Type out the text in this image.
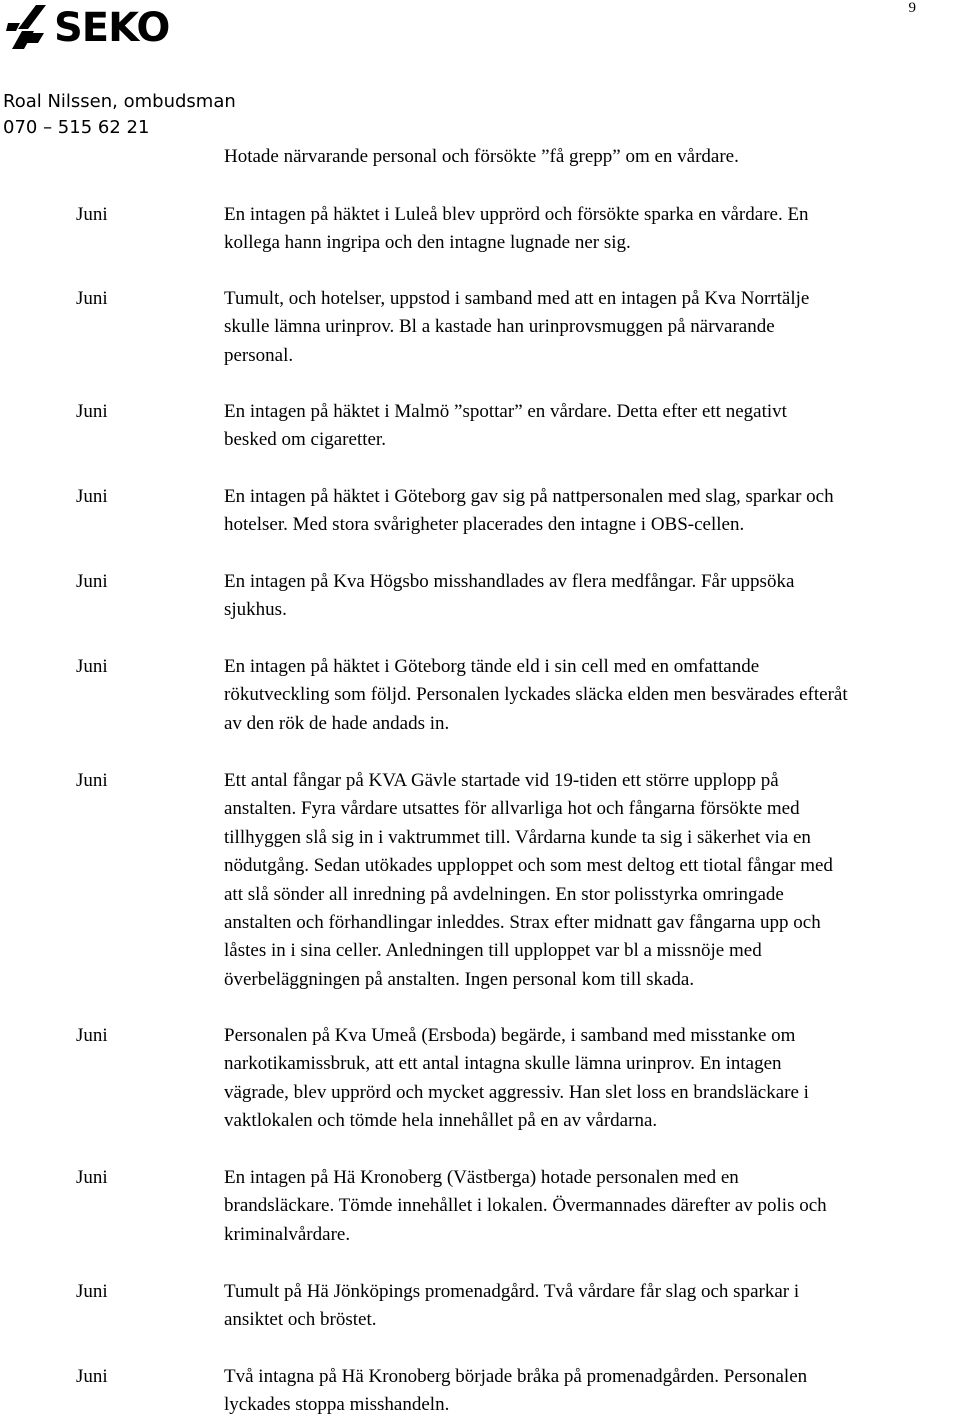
SEKO	9
Roal Nilssen, ombudsman
070 – 515 62 21
Hotade närvarande personal och försökte ”få grepp” om en vårdare.
Juni	En intagen på häktet i Luleå blev upprörd och försökte sparka en vårdare. En
kollega hann ingripa och den intagne lugnade ner sig.
Juni	Tumult, och hotelser, uppstod i samband med att en intagen på Kva Norrtälje
skulle lämna urinprov. Bl a kastade han urinprovsmuggen på närvarande
personal.
Juni	En intagen på häktet i Malmö ”spottar” en vårdare. Detta efter ett negativt
besked om cigaretter.
Juni	En intagen på häktet i Göteborg gav sig på nattpersonalen med slag, sparkar och
hotelser. Med stora svårigheter placerades den intagne i OBS-cellen.
Juni	En intagen på Kva Högsbo misshandlades av flera medfångar. Får uppsöka
sjukhus.
Juni	En intagen på häktet i Göteborg tände eld i sin cell med en omfattande
rökutveckling som följd. Personalen lyckades släcka elden men besvärades efteråt
av den rök de hade andads in.
Juni	Ett antal fångar på KVA Gävle startade vid 19-tiden ett större upplopp på
anstalten. Fyra vårdare utsattes för allvarliga hot och fångarna försökte med
tillhyggen slå sig in i vaktrummet till. Vårdarna kunde ta sig i säkerhet via en
nödutgång. Sedan utökades upploppet och som mest deltog ett tiotal fångar med
att slå sönder all inredning på avdelningen. En stor polisstyrka omringade
anstalten och förhandlingar inleddes. Strax efter midnatt gav fångarna upp och
låstes in i sina celler. Anledningen till upploppet var bl a missnöje med
överbeläggningen på anstalten. Ingen personal kom till skada.
Juni	Personalen på Kva Umeå (Ersboda) begärde, i samband med misstanke om
narkotikamissbruk, att ett antal intagna skulle lämna urinprov. En intagen
vägrade, blev upprörd och mycket aggressiv. Han slet loss en brandsläckare i
vaktlokalen och tömde hela innehållet på en av vårdarna.
Juni	En intagen på Hä Kronoberg (Västberga) hotade personalen med en
brandsläckare. Tömde innehållet i lokalen. Övermannades därefter av polis och
kriminalvårdare.
Juni	Tumult på Hä Jönköpings promenadgård. Två vårdare får slag och sparkar i
ansiktet och bröstet.
Juni	Två intagna på Hä Kronoberg började bråka på promenadgården. Personalen
lyckades stoppa misshandeln.
